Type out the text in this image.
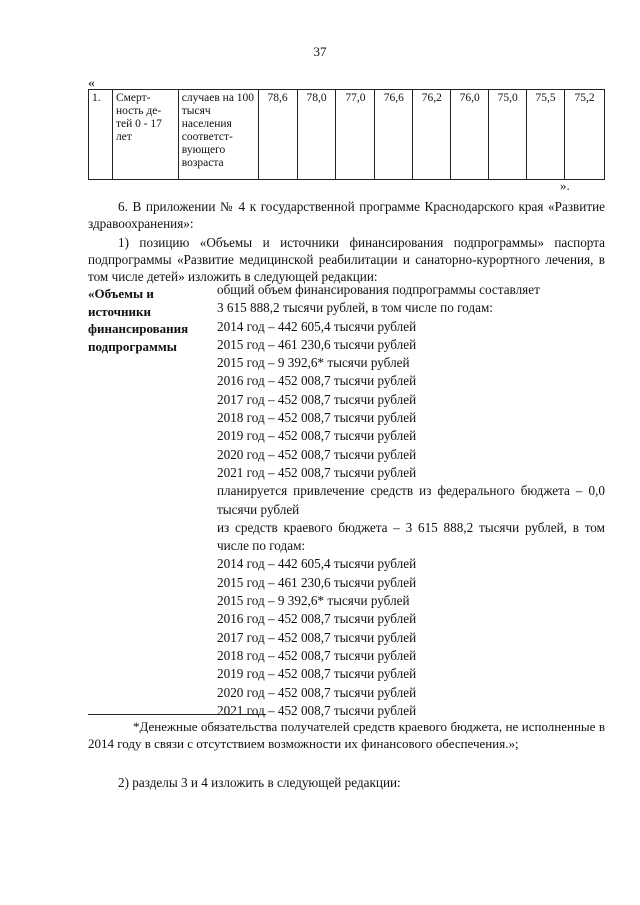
37
«
1.	Смерт-ность де-тей 0 - 17 лет	случаев на 100 тысяч населения соответст-вующего возраста	78,6	78,0	77,0	76,6	76,2	76,0	75,0	75,5	75,2
».
6. В приложении № 4 к государственной программе Краснодарского края «Развитие здравоохранения»:
1) позицию «Объемы и источники финансирования подпрограммы» паспорта подпрограммы «Развитие медицинской реабилитации и санаторно-курортного лечения, в том числе детей» изложить в следующей редакции:
«Объемы и источники финансирования подпрограммы
общий объем финансирования подпрограммы составляет
3 615 888,2 тысячи рублей, в том числе по годам:
2014 год – 442 605,4 тысячи рублей
2015 год – 461 230,6 тысячи рублей
2015 год – 9 392,6* тысячи рублей
2016 год – 452 008,7 тысячи рублей
2017 год – 452 008,7 тысячи рублей
2018 год – 452 008,7 тысячи рублей
2019 год – 452 008,7 тысячи рублей
2020 год – 452 008,7 тысячи рублей
2021 год – 452 008,7 тысячи рублей
планируется привлечение средств из федерального бюджета – 0,0 тысячи рублей
из средств краевого бюджета – 3 615 888,2 тысячи рублей, в том числе по годам:
2014 год – 442 605,4 тысячи рублей
2015 год – 461 230,6 тысячи рублей
2015 год – 9 392,6* тысячи рублей
2016 год – 452 008,7 тысячи рублей
2017 год – 452 008,7 тысячи рублей
2018 год – 452 008,7 тысячи рублей
2019 год – 452 008,7 тысячи рублей
2020 год – 452 008,7 тысячи рублей
2021 год – 452 008,7 тысячи рублей
*Денежные обязательства получателей средств краевого бюджета, не исполненные в 2014 году в связи с отсутствием возможности их финансового обеспечения.»;
2) разделы 3 и 4 изложить в следующей редакции:
